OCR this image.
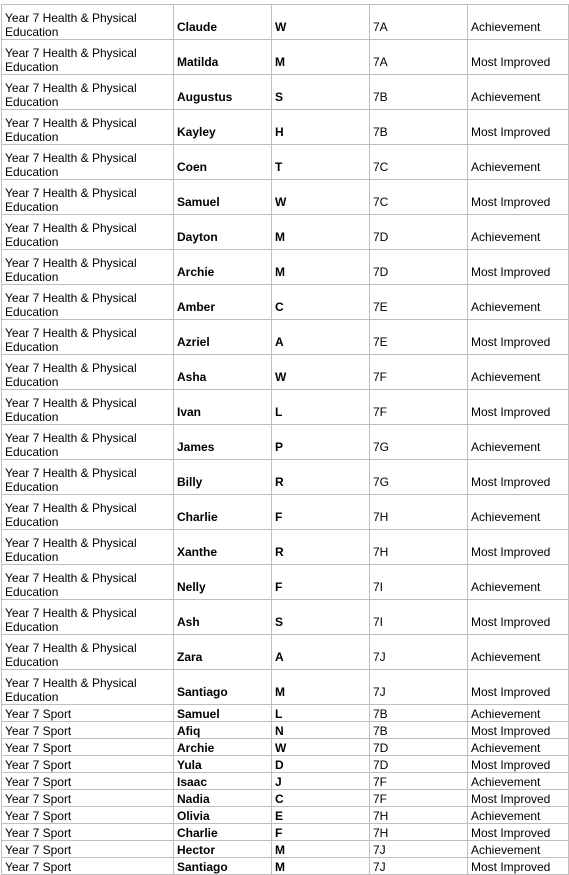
Year 7 Health & Physical Education	Claude	W	7A	Achievement
Year 7 Health & Physical Education	Matilda	M	7A	Most Improved
Year 7 Health & Physical Education	Augustus	S	7B	Achievement
Year 7 Health & Physical Education	Kayley	H	7B	Most Improved
Year 7 Health & Physical Education	Coen	T	7C	Achievement
Year 7 Health & Physical Education	Samuel	W	7C	Most Improved
Year 7 Health & Physical Education	Dayton	M	7D	Achievement
Year 7 Health & Physical Education	Archie	M	7D	Most Improved
Year 7 Health & Physical Education	Amber	C	7E	Achievement
Year 7 Health & Physical Education	Azriel	A	7E	Most Improved
Year 7 Health & Physical Education	Asha	W	7F	Achievement
Year 7 Health & Physical Education	Ivan	L	7F	Most Improved
Year 7 Health & Physical Education	James	P	7G	Achievement
Year 7 Health & Physical Education	Billy	R	7G	Most Improved
Year 7 Health & Physical Education	Charlie	F	7H	Achievement
Year 7 Health & Physical Education	Xanthe	R	7H	Most Improved
Year 7 Health & Physical Education	Nelly	F	7I	Achievement
Year 7 Health & Physical Education	Ash	S	7I	Most Improved
Year 7 Health & Physical Education	Zara	A	7J	Achievement
Year 7 Health & Physical Education	Santiago	M	7J	Most Improved
Year 7 Sport	Samuel	L	7B	Achievement
Year 7 Sport	Afiq	N	7B	Most Improved
Year 7 Sport	Archie	W	7D	Achievement
Year 7 Sport	Yula	D	7D	Most Improved
Year 7 Sport	Isaac	J	7F	Achievement
Year 7 Sport	Nadia	C	7F	Most Improved
Year 7 Sport	Olivia	E	7H	Achievement
Year 7 Sport	Charlie	F	7H	Most Improved
Year 7 Sport	Hector	M	7J	Achievement
Year 7 Sport	Santiago	M	7J	Most Improved
